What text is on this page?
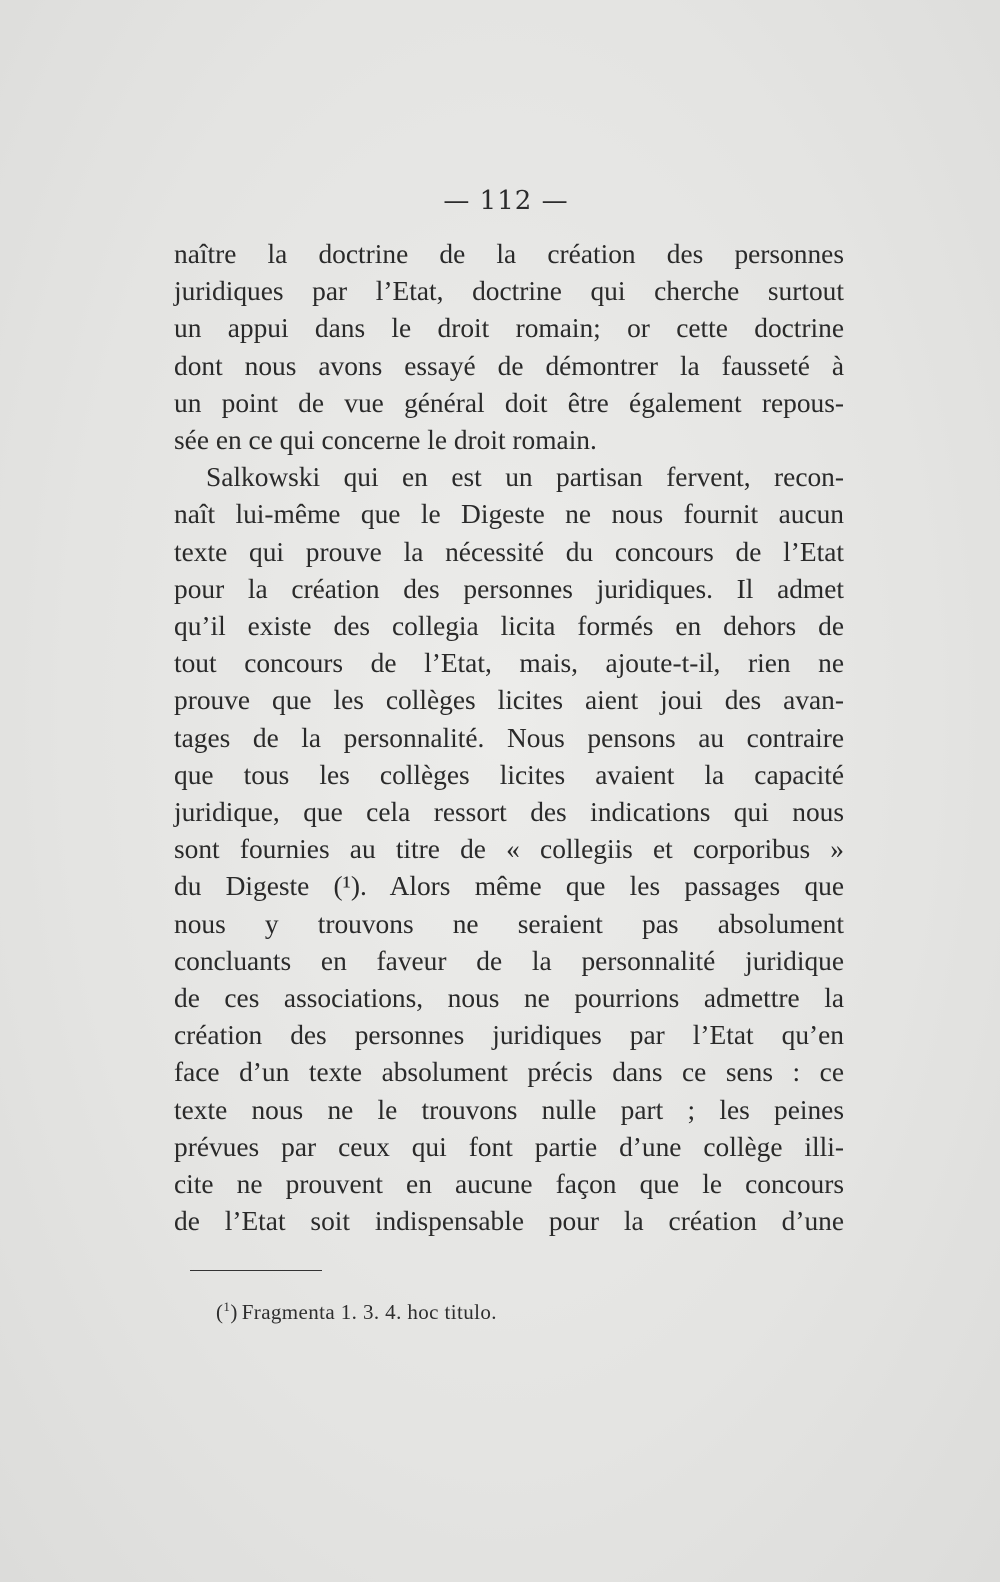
— 112 —
naître la doctrine de la création des personnes
juridiques par l’Etat, doctrine qui cherche surtout
un appui dans le droit romain; or cette doctrine
dont nous avons essayé de démontrer la fausseté à
un point de vue général doit être également repous-
sée en ce qui concerne le droit romain.
Salkowski qui en est un partisan fervent, recon-
naît lui-même que le Digeste ne nous fournit aucun
texte qui prouve la nécessité du concours de l’Etat
pour la création des personnes juridiques. Il admet
qu’il existe des collegia licita formés en dehors de
tout concours de l’Etat, mais, ajoute-t-il, rien ne
prouve que les collèges licites aient joui des avan-
tages de la personnalité. Nous pensons au contraire
que tous les collèges licites avaient la capacité
juridique, que cela ressort des indications qui nous
sont fournies au titre de « collegiis et corporibus »
du Digeste (¹). Alors même que les passages que
nous y trouvons ne seraient pas absolument
concluants en faveur de la personnalité juridique
de ces associations, nous ne pourrions admettre la
création des personnes juridiques par l’Etat qu’en
face d’un texte absolument précis dans ce sens : ce
texte nous ne le trouvons nulle part ; les peines
prévues par ceux qui font partie d’une collège illi-
cite ne prouvent en aucune façon que le concours
de l’Etat soit indispensable pour la création d’une
($^1$) Fragmenta 1. 3. 4. hoc titulo.
